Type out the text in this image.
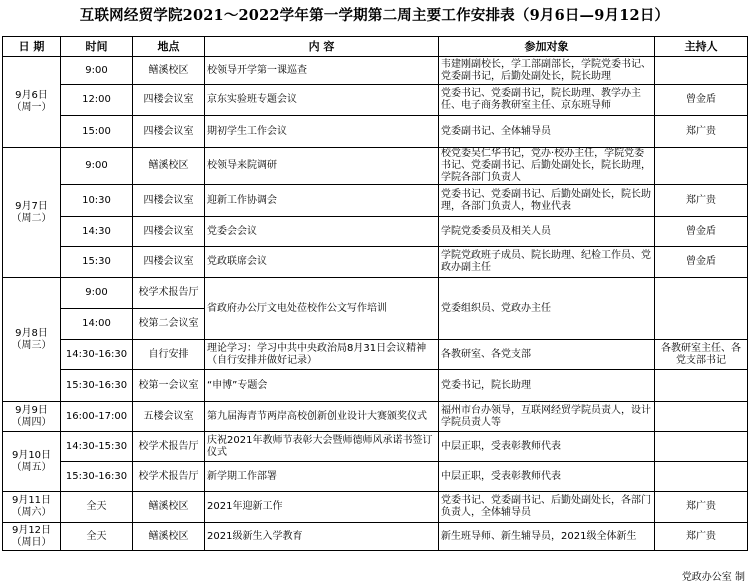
互联网经贸学院2021～2022学年第一学期第二周主要工作安排表（9月6日—9月12日）
日 期	时间	地点	内 容	参加对象	主持人

9月6日
（周一）	9:00	鳝溪校区	校领导开学第一课巡查	韦建刚副校长，学工部副部长，学院党委书记、党委副书记，后勤处副处长，院长助理	
	12:00	四楼会议室	京东实验班专题会议	党委书记、党委副书记，院长助理、教学办主任、电子商务教研室主任、京东班导师	曾金盾
	15:00	四楼会议室	期初学生工作会议	党委副书记、全体辅导员	郑广贵

9月7日
（周二）	9:00	鳝溪校区	校领导来院调研	校党委吴仁华书记，党办·校办主任，学院党委书记、党委副书记、后勤处副处长，院长助理，学院各部门负责人	
	10:30	四楼会议室	迎新工作协调会	党委书记、党委副书记、后勤处副处长，院长助理，各部门负责人，物业代表	郑广贵
	14:30	四楼会议室	党委会会议	学院党委委员及相关人员	曾金盾
	15:30	四楼会议室	党政联席会议	学院党政班子成员、院长助理、纪检工作员、党政办副主任	曾金盾

9月8日
（周三）	9:00	校学术报告厅	省政府办公厅文电处莅校作公文写作培训	党委组织员、党政办主任	
	14:00	校第二会议室			
	14:30-16:30	自行安排	理论学习：学习中共中央政治局8月31日会议精神（自行安排并做好记录）	各教研室、各党支部	各教研室主任、各党支部书记
	15:30-16:30	校第一会议室	“申博”专题会	党委书记，院长助理	

9月9日
（周四）	16:00-17:00	五楼会议室	第九届海青节两岸高校创新创业设计大赛颁奖仪式	福州市台办领导，互联网经贸学院员责人，设计学院员责人等	

9月10日
（周五）	14:30-15:30	校学术报告厅	庆祝2021年教师节表彰大会暨师德师风承诺书签订仪式	中层正职，受表彰教师代表	
	15:30-16:30	校学术报告厅	新学期工作部署	中层正职，受表彰教师代表	

9月11日
（周六）	全天	鳝溪校区	2021年迎新工作	党委书记、党委副书记、后勤处副处长，各部门负责人，全体辅导员	郑广贵

9月12日
（周日）	全天	鳝溪校区	2021级新生入学教育	新生班导师、新生辅导员，2021级全体新生	郑广贵
党政办公室 制
